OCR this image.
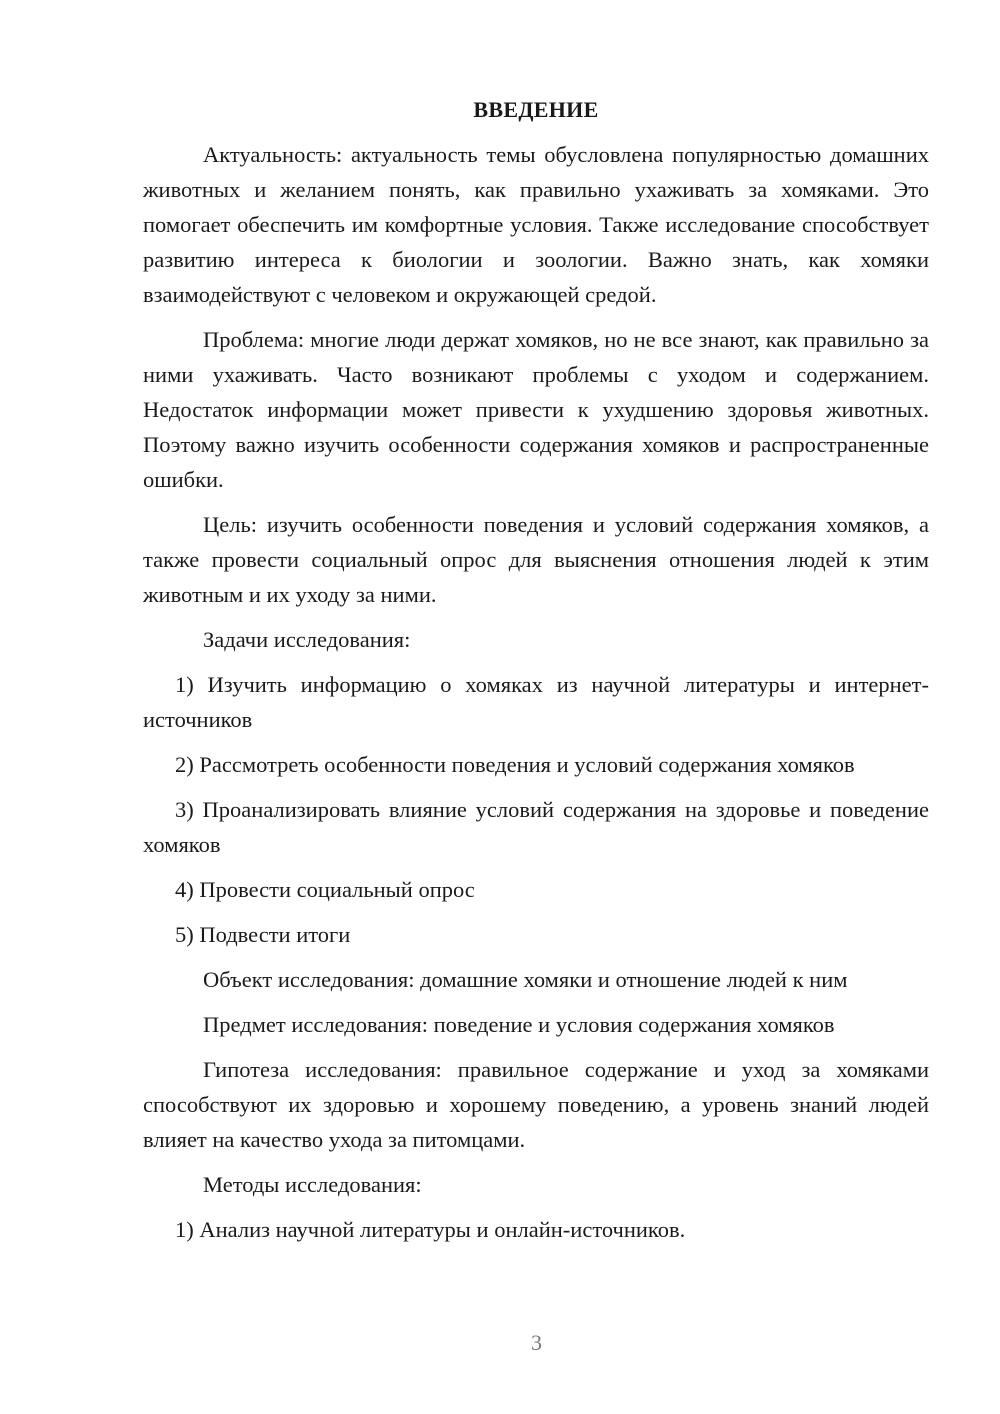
ВВЕДЕНИЕ

Актуальность: актуальность темы обусловлена популярностью домашних животных и желанием понять, как правильно ухаживать за хомяками. Это помогает обеспечить им комфортные условия. Также исследование способствует развитию интереса к биологии и зоологии. Важно знать, как хомяки взаимодействуют с человеком и окружающей средой.

Проблема: многие люди держат хомяков, но не все знают, как правильно за ними ухаживать. Часто возникают проблемы с уходом и содержанием. Недостаток информации может привести к ухудшению здоровья животных. Поэтому важно изучить особенности содержания хомяков и распространенные ошибки.

Цель: изучить особенности поведения и условий содержания хомяков, а также провести социальный опрос для выяснения отношения людей к этим животным и их уходу за ними.

Задачи исследования:

1) Изучить информацию о хомяках из научной литературы и интернет-источников

2) Рассмотреть особенности поведения и условий содержания хомяков

3) Проанализировать влияние условий содержания на здоровье и поведение хомяков

4) Провести социальный опрос

5) Подвести итоги

Объект исследования: домашние хомяки и отношение людей к ним

Предмет исследования: поведение и условия содержания хомяков

Гипотеза исследования: правильное содержание и уход за хомяками способствуют их здоровью и хорошему поведению, а уровень знаний людей влияет на качество ухода за питомцами.

Методы исследования:

1) Анализ научной литературы и онлайн-источников.

3
